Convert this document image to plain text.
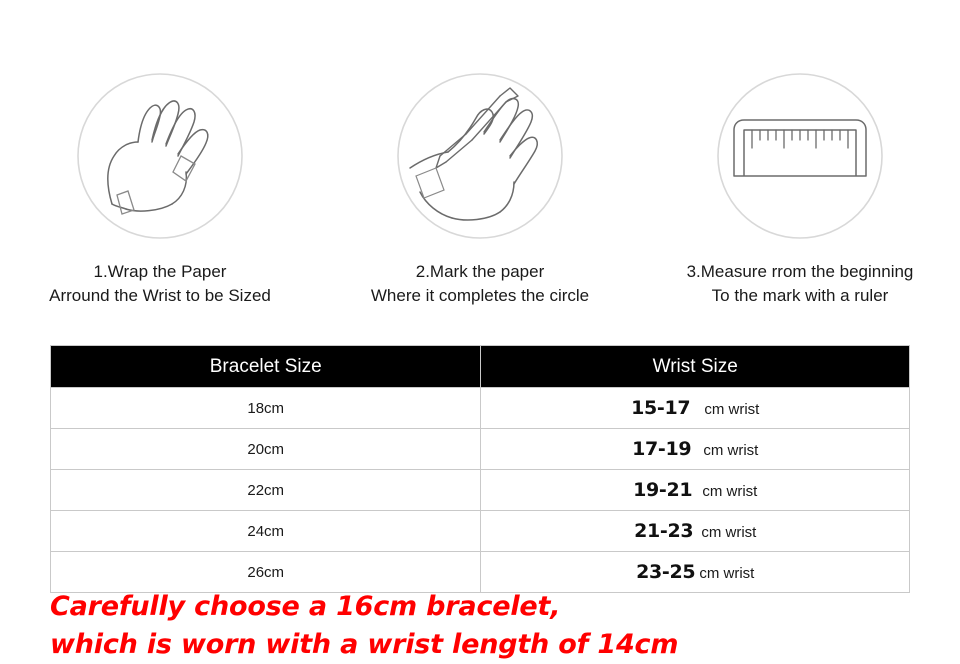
1.Wrap the Paper
Arround the Wrist to be Sized
2.Mark the paper
Where it completes the circle
3.Measure rrom the beginning
To the mark with a ruler
Bracelet Size	Wrist Size
18cm	15-17 cm wrist
20cm	17-19 cm wrist
22cm	19-21 cm wrist
24cm	21-23 cm wrist
26cm	23-25 cm wrist
Carefully choose a 16cm bracelet,
which is worn with a wrist length of 14cm
